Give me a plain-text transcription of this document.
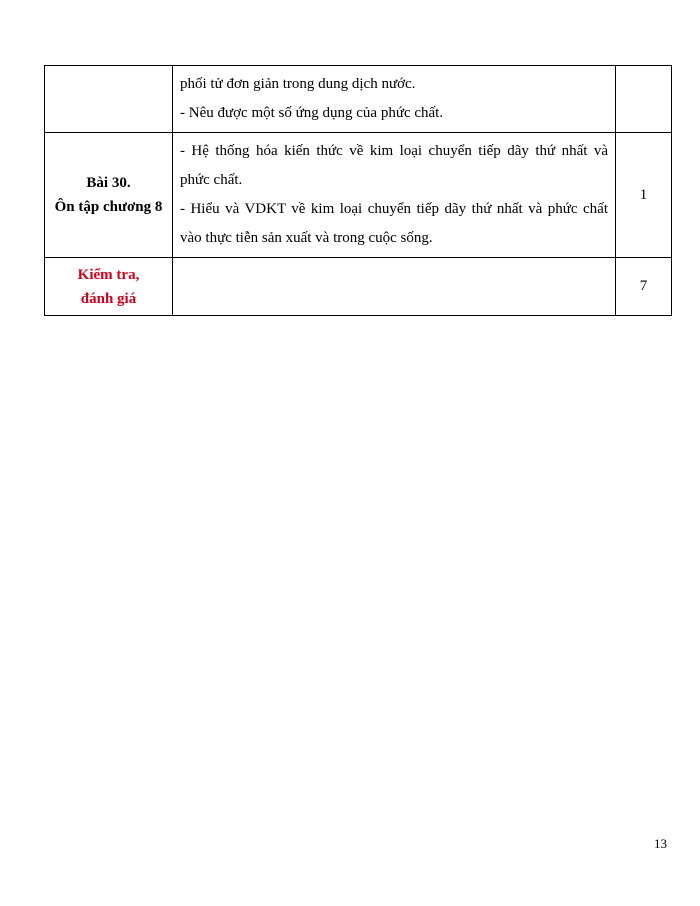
	phối tử đơn giản trong dung dịch nước.
- Nêu được một số ứng dụng của phức chất.	

Bài 30.
Ôn tập chương 8	- Hệ thống hóa kiến thức về kim loại chuyển tiếp dãy thứ nhất và
phức chất.
- Hiểu và VDKT về kim loại chuyển tiếp dãy thứ nhất và phức chất
vào thực tiễn sản xuất và trong cuộc sống.	1

Kiểm tra,
đánh giá		7
13
